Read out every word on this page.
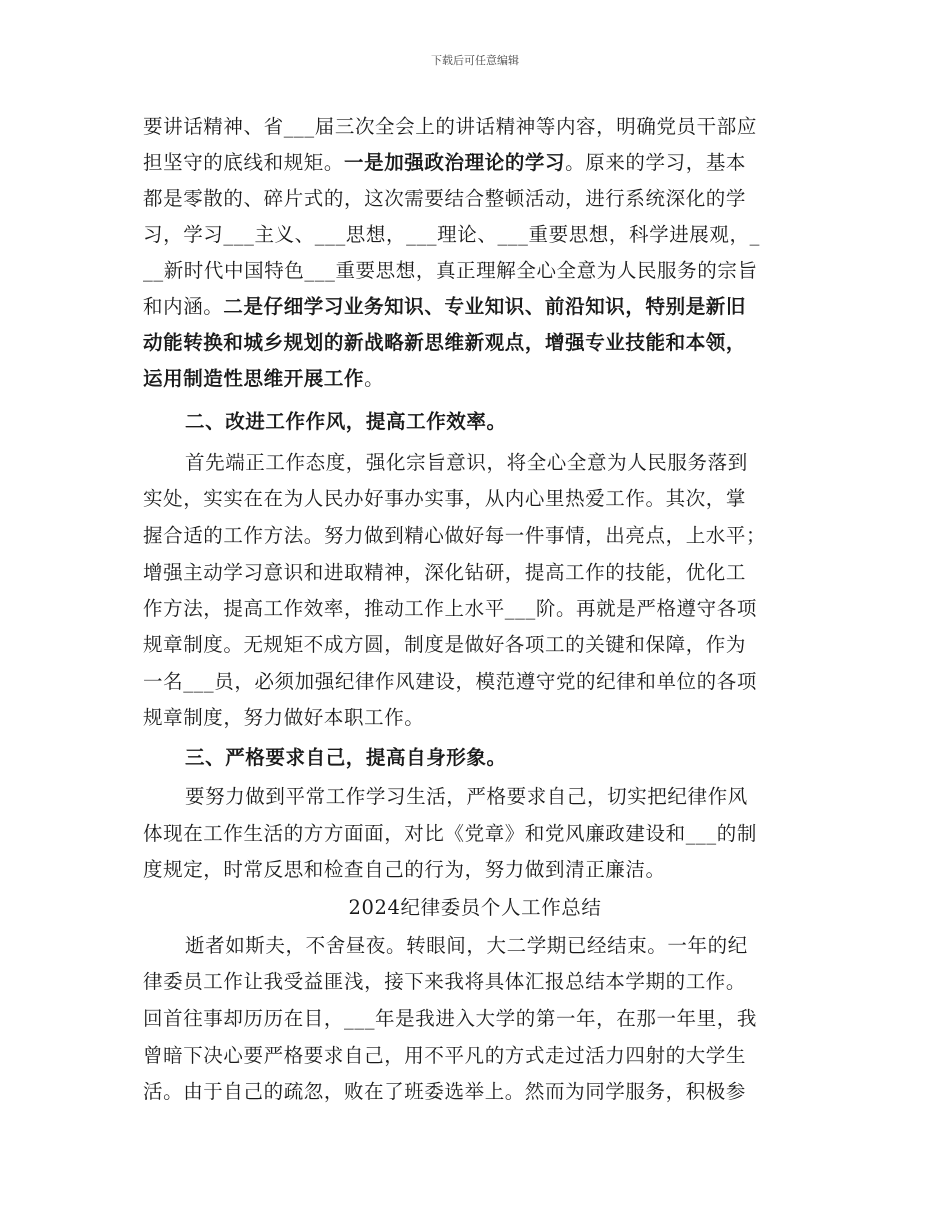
下载后可任意编辑
要讲话精神、省___届三次全会上的讲话精神等内容，明确党员干部应
担坚守的底线和规矩。一是加强政治理论的学习。原来的学习，基本
都是零散的、碎片式的，这次需要结合整顿活动，进行系统深化的学
习，学习___主义、___思想，___理论、___重要思想，科学进展观，_
__新时代中国特色___重要思想，真正理解全心全意为人民服务的宗旨
和内涵。二是仔细学习业务知识、专业知识、前沿知识，特别是新旧
动能转换和城乡规划的新战略新思维新观点，增强专业技能和本领，
运用制造性思维开展工作。
二、改进工作作风，提高工作效率。
首先端正工作态度，强化宗旨意识，将全心全意为人民服务落到
实处，实实在在为人民办好事办实事，从内心里热爱工作。其次，掌
握合适的工作方法。努力做到精心做好每一件事情，出亮点，上水平；
增强主动学习意识和进取精神，深化钻研，提高工作的技能，优化工
作方法，提高工作效率，推动工作上水平___阶。再就是严格遵守各项
规章制度。无规矩不成方圆，制度是做好各项工的关键和保障，作为
一名___员，必须加强纪律作风建设，模范遵守党的纪律和单位的各项
规章制度，努力做好本职工作。
三、严格要求自己，提高自身形象。
要努力做到平常工作学习生活，严格要求自己，切实把纪律作风
体现在工作生活的方方面面，对比《党章》和党风廉政建设和___的制
度规定，时常反思和检查自己的行为，努力做到清正廉洁。
2024纪律委员个人工作总结
逝者如斯夫，不舍昼夜。转眼间，大二学期已经结束。一年的纪
律委员工作让我受益匪浅，接下来我将具体汇报总结本学期的工作。
回首往事却历历在目，___年是我进入大学的第一年，在那一年里，我
曾暗下决心要严格要求自己，用不平凡的方式走过活力四射的大学生
活。由于自己的疏忽，败在了班委选举上。然而为同学服务，积极参
